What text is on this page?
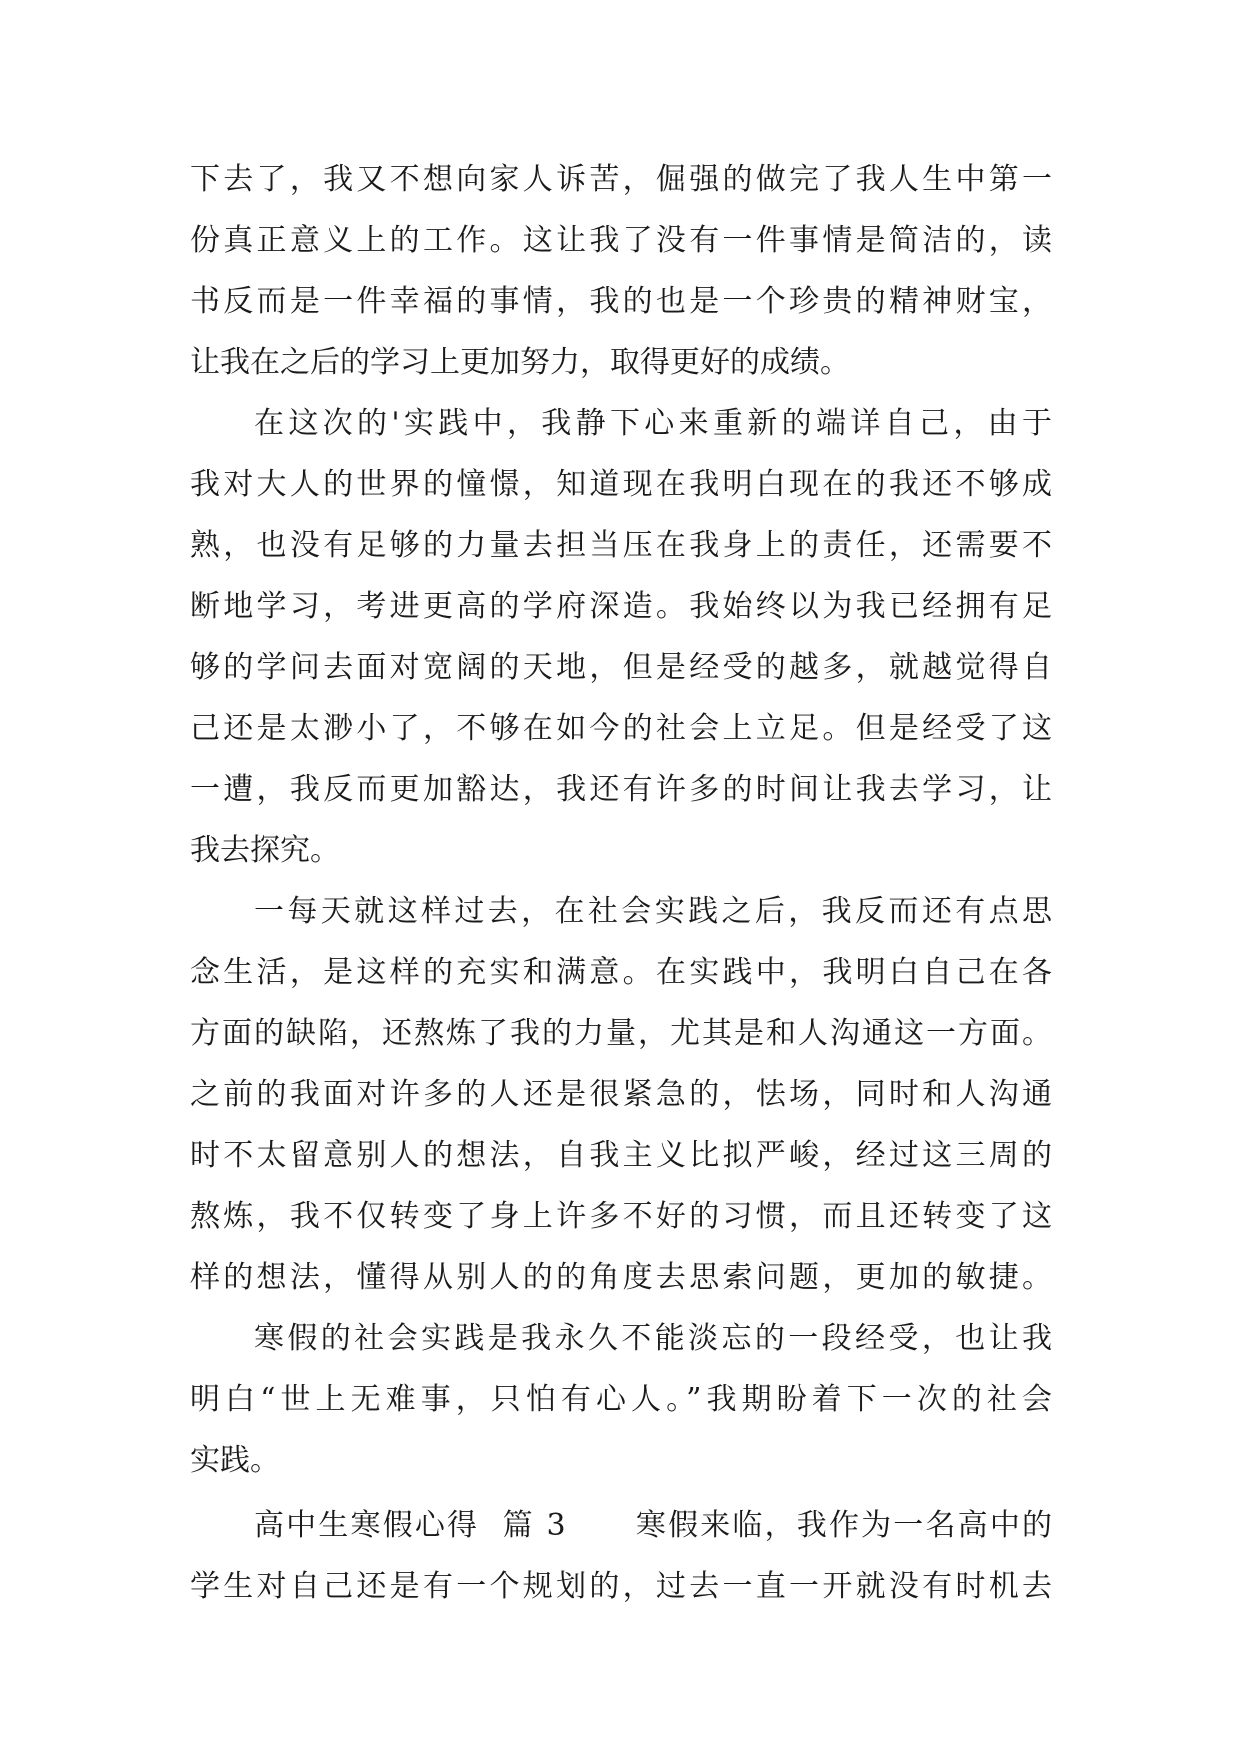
下去了，我又不想向家人诉苦，倔强的做完了我人生中第一
份真正意义上的工作。这让我了没有一件事情是简洁的，读
书反而是一件幸福的事情，我的也是一个珍贵的精神财宝，
让我在之后的学习上更加努力，取得更好的成绩。
在这次的'实践中，我静下心来重新的端详自己，由于
我对大人的世界的憧憬，知道现在我明白现在的我还不够成
熟，也没有足够的力量去担当压在我身上的责任，还需要不
断地学习，考进更高的学府深造。我始终以为我已经拥有足
够的学问去面对宽阔的天地，但是经受的越多，就越觉得自
己还是太渺小了，不够在如今的社会上立足。但是经受了这
一遭，我反而更加豁达，我还有许多的时间让我去学习，让
我去探究。
一每天就这样过去，在社会实践之后，我反而还有点思
念生活，是这样的充实和满意。在实践中，我明白自己在各
方面的缺陷，还熬炼了我的力量，尤其是和人沟通这一方面。
之前的我面对许多的人还是很紧急的，怯场，同时和人沟通
时不太留意别人的想法，自我主义比拟严峻，经过这三周的
熬炼，我不仅转变了身上许多不好的习惯，而且还转变了这
样的想法，懂得从别人的的角度去思索问题，更加的敏捷。
寒假的社会实践是我永久不能淡忘的一段经受，也让我
明白“世上无难事，只怕有心人。”我期盼着下一次的社会
实践。
高中生寒假心得  篇 3      寒假来临，我作为一名高中的
学生对自己还是有一个规划的，过去一直一开就没有时机去
